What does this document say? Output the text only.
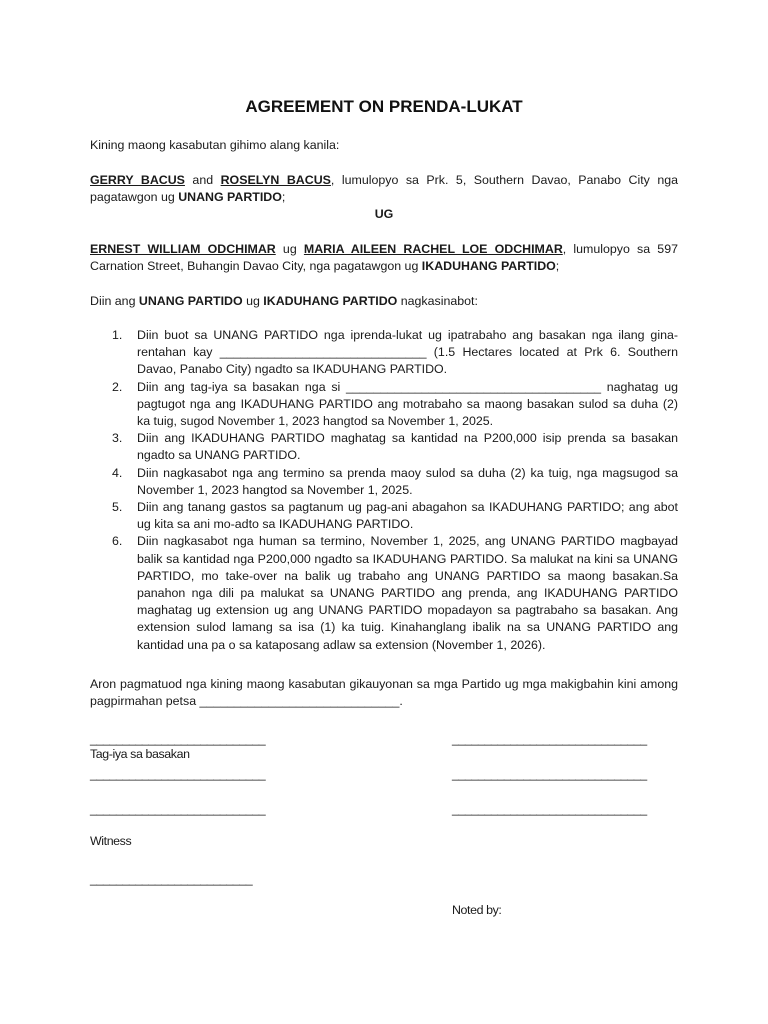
AGREEMENT ON PRENDA-LUKAT
Kining maong kasabutan gihimo alang kanila:
GERRY BACUS and ROSELYN BACUS, lumulopyo sa Prk. 5, Southern Davao, Panabo City nga pagatawgon ug UNANG PARTIDO;
UG
ERNEST WILLIAM ODCHIMAR ug MARIA AILEEN RACHEL LOE ODCHIMAR, lumulopyo sa 597 Carnation Street, Buhangin Davao City, nga pagatawgon ug IKADUHANG PARTIDO;
Diin ang UNANG PARTIDO ug IKADUHANG PARTIDO nagkasinabot:
1. Diin buot sa UNANG PARTIDO nga iprenda-lukat ug ipatrabaho ang basakan nga ilang gina-rentahan kay ______________________________ (1.5 Hectares located at Prk 6. Southern Davao, Panabo City) ngadto sa IKADUHANG PARTIDO.
2. Diin ang tag-iya sa basakan nga si _____________________________________ naghatag ug pagtugot nga ang IKADUHANG PARTIDO ang motrabaho sa maong basakan sulod sa duha (2) ka tuig, sugod November 1, 2023 hangtod sa November 1, 2025.
3. Diin ang IKADUHANG PARTIDO maghatag sa kantidad na P200,000 isip prenda sa basakan ngadto sa UNANG PARTIDO.
4. Diin nagkasabot nga ang termino sa prenda maoy sulod sa duha (2) ka tuig, nga magsugod sa November 1, 2023 hangtod sa November 1, 2025.
5. Diin ang tanang gastos sa pagtanum ug pag-ani abagahon sa IKADUHANG PARTIDO; ang abot ug kita sa ani mo-adto sa IKADUHANG PARTIDO.
6. Diin nagkasabot nga human sa termino, November 1, 2025, ang UNANG PARTIDO magbayad balik sa kantidad nga P200,000 ngadto sa IKADUHANG PARTIDO. Sa malukat na kini sa UNANG PARTIDO, mo take-over na balik ug trabaho ang UNANG PARTIDO sa maong basakan.Sa panahon nga dili pa malukat sa UNANG PARTIDO ang prenda, ang IKADUHANG PARTIDO maghatag ug extension ug ang UNANG PARTIDO mopadayon sa pagtrabaho sa basakan. Ang extension sulod lamang sa isa (1) ka tuig. Kinahanglang ibalik na sa UNANG PARTIDO ang kantidad una pa o sa kataposang adlaw sa extension (November 1, 2026).
Aron pagmatuod nga kining maong kasabutan gikauyonan sa mga Partido ug mga makigbahin kini among pagpirmahan petsa _____________________________.
___________________________	______________________________
Tag-iya sa basakan
___________________________	______________________________
___________________________	______________________________
Witness
_________________________
Noted by:
